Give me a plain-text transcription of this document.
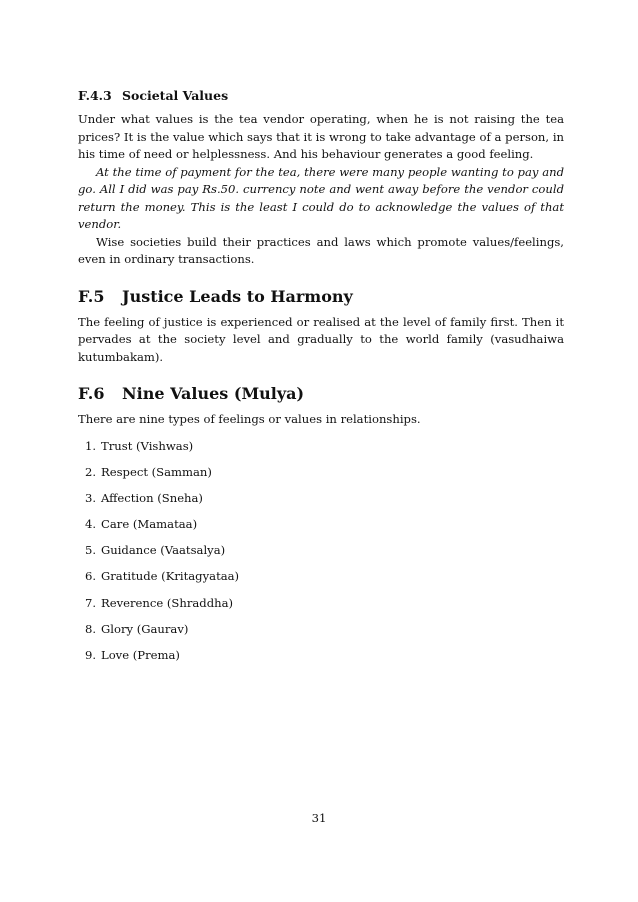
F.4.3 Societal Values

Under what values is the tea vendor operating, when he is not raising the tea prices? It is the value which says that it is wrong to take advantage of a person, in his time of need or helplessness. And his behaviour generates a good feeling.

At the time of payment for the tea, there were many people wanting to pay and go. All I did was pay Rs.50. currency note and went away before the vendor could return the money. This is the least I could do to acknowledge the values of that vendor.

Wise societies build their practices and laws which promote values/feelings, even in ordinary transactions.

F.5 Justice Leads to Harmony

The feeling of justice is experienced or realised at the level of family first. Then it pervades at the society level and gradually to the world family (vasudhaiwa kutumbakam).

F.6 Nine Values (Mulya)

There are nine types of feelings or values in relationships.

1. Trust (Vishwas)
2. Respect (Samman)
3. Affection (Sneha)
4. Care (Mamataa)
5. Guidance (Vaatsalya)
6. Gratitude (Kritagyataa)
7. Reverence (Shraddha)
8. Glory (Gaurav)
9. Love (Prema)
31
